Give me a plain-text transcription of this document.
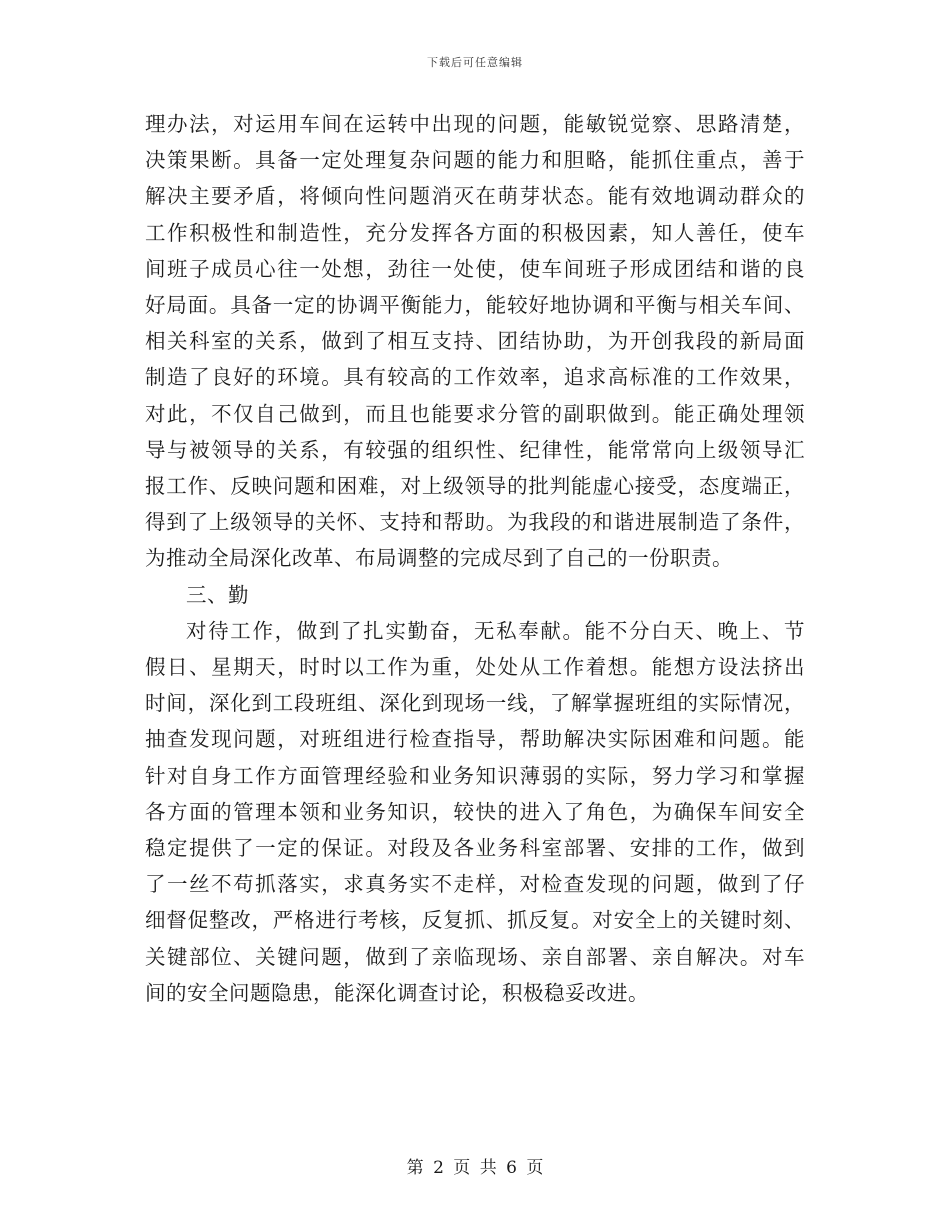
下载后可任意编辑
理办法，对运用车间在运转中出现的问题，能敏锐觉察、思路清楚，
决策果断。具备一定处理复杂问题的能力和胆略，能抓住重点，善于
解决主要矛盾，将倾向性问题消灭在萌芽状态。能有效地调动群众的
工作积极性和制造性，充分发挥各方面的积极因素，知人善任，使车
间班子成员心往一处想，劲往一处使，使车间班子形成团结和谐的良
好局面。具备一定的协调平衡能力，能较好地协调和平衡与相关车间、
相关科室的关系，做到了相互支持、团结协助，为开创我段的新局面
制造了良好的环境。具有较高的工作效率，追求高标准的工作效果，
对此，不仅自己做到，而且也能要求分管的副职做到。能正确处理领
导与被领导的关系，有较强的组织性、纪律性，能常常向上级领导汇
报工作、反映问题和困难，对上级领导的批判能虚心接受，态度端正，
得到了上级领导的关怀、支持和帮助。为我段的和谐进展制造了条件，
为推动全局深化改革、布局调整的完成尽到了自己的一份职责。
三、勤
对待工作，做到了扎实勤奋，无私奉献。能不分白天、晚上、节
假日、星期天，时时以工作为重，处处从工作着想。能想方设法挤出
时间，深化到工段班组、深化到现场一线，了解掌握班组的实际情况，
抽查发现问题，对班组进行检查指导，帮助解决实际困难和问题。能
针对自身工作方面管理经验和业务知识薄弱的实际，努力学习和掌握
各方面的管理本领和业务知识，较快的进入了角色，为确保车间安全
稳定提供了一定的保证。对段及各业务科室部署、安排的工作，做到
了一丝不苟抓落实，求真务实不走样，对检查发现的问题，做到了仔
细督促整改，严格进行考核，反复抓、抓反复。对安全上的关键时刻、
关键部位、关键问题，做到了亲临现场、亲自部署、亲自解决。对车
间的安全问题隐患，能深化调查讨论，积极稳妥改进。
第 2 页 共 6 页
